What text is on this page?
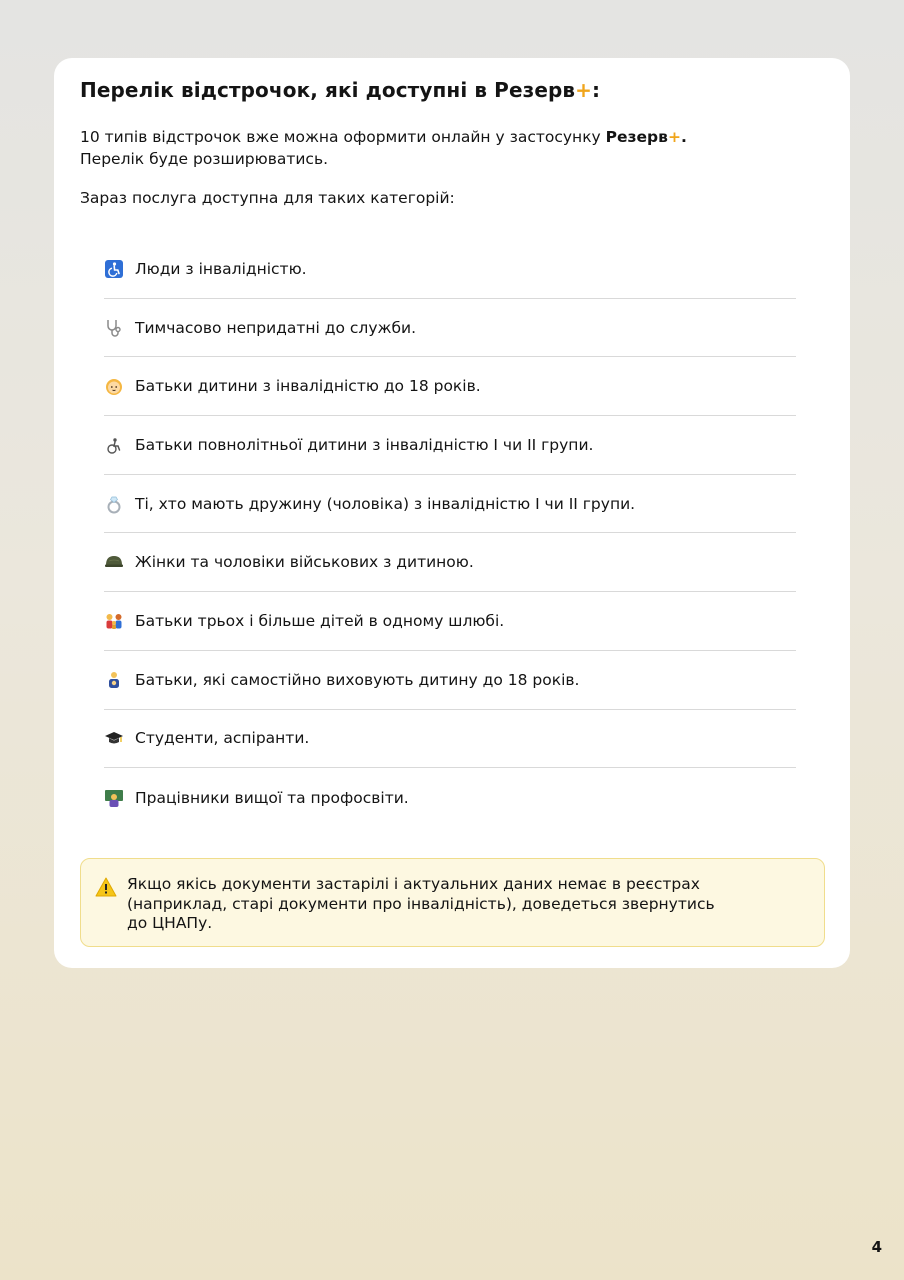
Перелік відстрочок, які доступні в Резерв+:
10 типів відстрочок вже можна оформити онлайн у застосунку Резерв+.
Перелік буде розширюватись.
Зараз послуга доступна для таких категорій:
Люди з інвалідністю.
Тимчасово непридатні до служби.
Батьки дитини з інвалідністю до 18 років.
Батьки повнолітньої дитини з інвалідністю I чи II групи.
Ті, хто мають дружину (чоловіка) з інвалідністю I чи II групи.
Жінки та чоловіки військових з дитиною.
Батьки трьох і більше дітей в одному шлюбі.
Батьки, які самостійно виховують дитину до 18 років.
Студенти, аспіранти.
Працівники вищої та профосвіти.
Якщо якісь документи застарілі і актуальних даних немає в реєстрах
(наприклад, старі документи про інвалідність), доведеться звернутись
до ЦНАПу.
4
